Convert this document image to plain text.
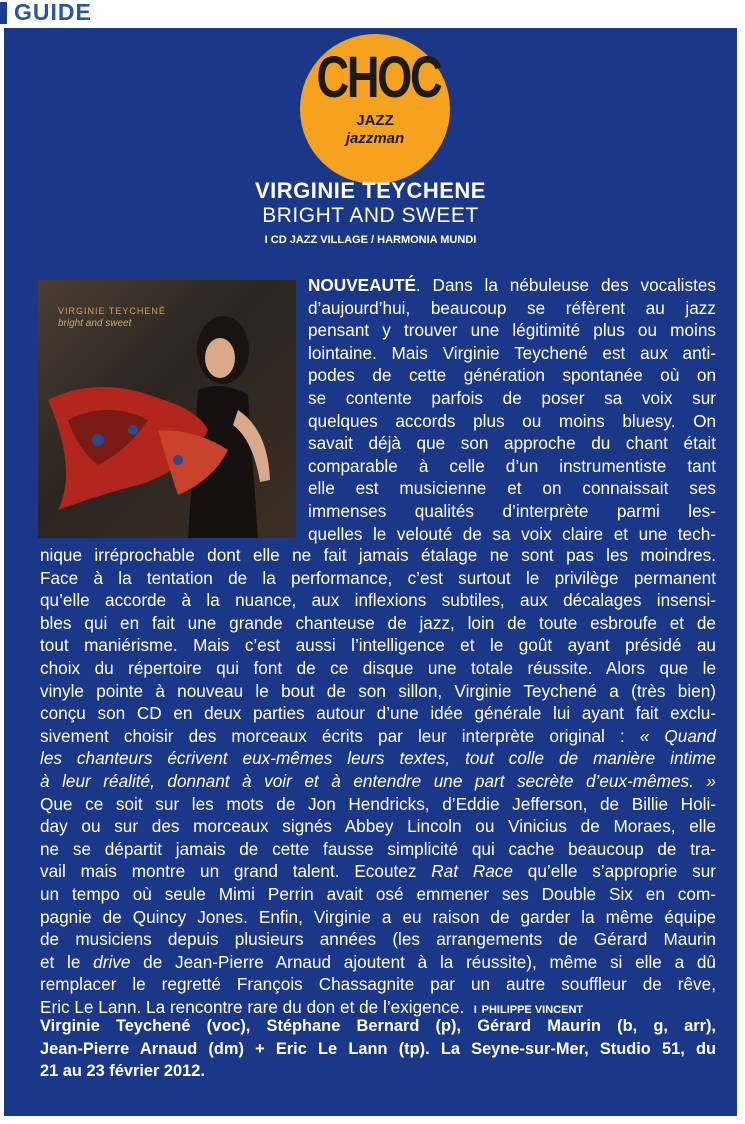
GUIDE
CHOC
JAZZ
jazzman
VIRGINIE TEYCHENE
BRIGHT AND SWEET
I CD JAZZ VILLAGE / HARMONIA MUNDI
VIRGINIE TEYCHENÉ
bright and sweet
NOUVEAUTÉ. Dans la nébuleuse des vocalistes
d’aujourd’hui, beaucoup se réfèrent au jazz
pensant y trouver une légitimité plus ou moins
lointaine. Mais Virginie Teychené est aux anti-
podes de cette génération spontanée où on
se contente parfois de poser sa voix sur
quelques accords plus ou moins bluesy. On
savait déjà que son approche du chant était
comparable à celle d’un instrumentiste tant
elle est musicienne et on connaissait ses
immenses qualités d’interprète parmi les-
quelles le velouté de sa voix claire et une tech-
nique irréprochable dont elle ne fait jamais étalage ne sont pas les moindres.
Face à la tentation de la performance, c’est surtout le privilège permanent
qu’elle accorde à la nuance, aux inflexions subtiles, aux décalages insensi-
bles qui en fait une grande chanteuse de jazz, loin de toute esbroufe et de
tout maniérisme. Mais c’est aussi l’intelligence et le goût ayant présidé au
choix du répertoire qui font de ce disque une totale réussite. Alors que le
vinyle pointe à nouveau le bout de son sillon, Virginie Teychené a (très bien)
conçu son CD en deux parties autour d’une idée générale lui ayant fait exclu-
sivement choisir des morceaux écrits par leur interprète original : « Quand
les chanteurs écrivent eux-mêmes leurs textes, tout colle de manière intime
à leur réalité, donnant à voir et à entendre une part secrète d’eux-mêmes. »
Que ce soit sur les mots de Jon Hendricks, d’Eddie Jefferson, de Billie Holi-
day ou sur des morceaux signés Abbey Lincoln ou Vinicius de Moraes, elle
ne se départit jamais de cette fausse simplicité qui cache beaucoup de tra-
vail mais montre un grand talent. Ecoutez Rat Race qu’elle s’approprie sur
un tempo où seule Mimi Perrin avait osé emmener ses Double Six en com-
pagnie de Quincy Jones. Enfin, Virginie a eu raison de garder la même équipe
de musiciens depuis plusieurs années (les arrangements de Gérard Maurin
et le drive de Jean-Pierre Arnaud ajoutent à la réussite), même si elle a dû
remplacer le regretté François Chassagnite par un autre souffleur de rêve,
Eric Le Lann. La rencontre rare du don et de l’exigence. I PHILIPPE VINCENT
Virginie Teychené (voc), Stéphane Bernard (p), Gérard Maurin (b, g, arr),
Jean-Pierre Arnaud (dm) + Eric Le Lann (tp). La Seyne-sur-Mer, Studio 51, du
21 au 23 février 2012.
